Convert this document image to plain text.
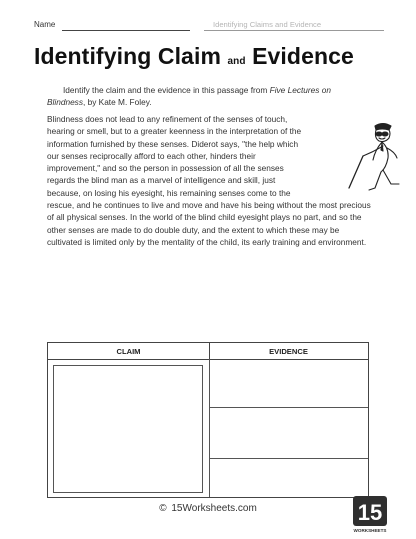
Name	Identifying Claims and Evidence
Identifying Claim and Evidence
Identify the claim and the evidence in this passage from Five Lectures on Blindness, by Kate M. Foley.
Blindness does not lead to any refinement of the senses of touch, hearing or smell, but to a greater keenness in the interpretation of the information furnished by these senses. Diderot says, "the help which our senses reciprocally afford to each other, hinders their improvement," and so the person in possession of all the senses regards the blind man as a marvel of intelligence and skill, just because, on losing his eyesight, his remaining senses come to the rescue, and he continues to live and move and have his being without the most precious of all physical senses. In the world of the blind child eyesight plays no part, and so the other senses are made to do double duty, and the extent to which these may be cultivated is limited only by the mentality of the child, its early training and environment.
CLAIM	EVIDENCE
© 15Worksheets.com	15
WORKSHEETS
